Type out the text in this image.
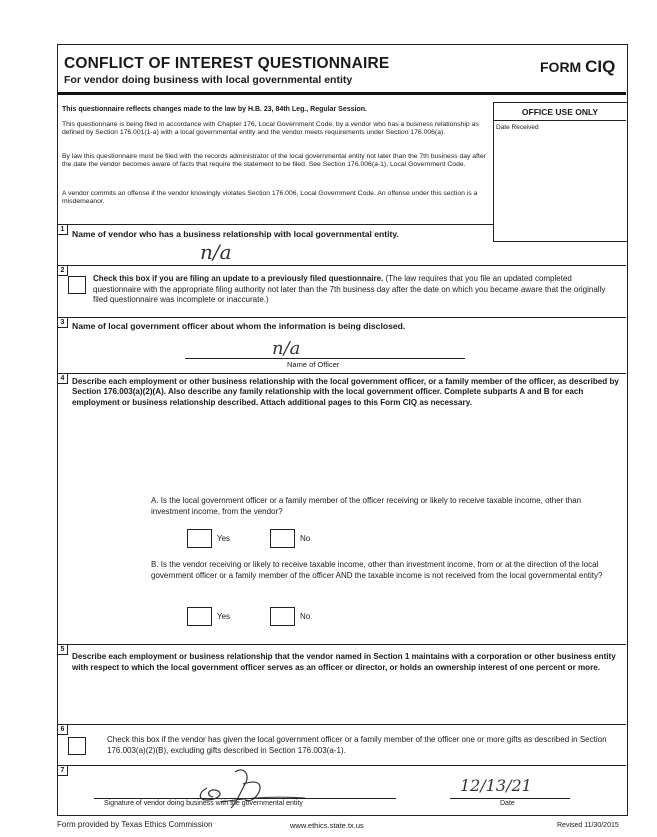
CONFLICT OF INTEREST QUESTIONNAIRE
For vendor doing business with local governmental entity
FORM CIQ
This questionnaire reflects changes made to the law by H.B. 23, 84th Leg., Regular Session.
This questionnaire is being filed in accordance with Chapter 176, Local Government Code, by a vendor who has a business relationship as defined by Section 176.001(1-a) with a local governmental entity and the vendor meets requirements under Section 176.006(a).
By law this questionnaire must be filed with the records administrator of the local governmental entity not later than the 7th business day after the date the vendor becomes aware of facts that require the statement to be filed. See Section 176.006(a-1), Local Government Code.
A vendor commits an offense if the vendor knowingly violates Section 176.006, Local Government Code. An offense under this section is a misdemeanor.
OFFICE USE ONLY
Date Received
1 Name of vendor who has a business relationship with local governmental entity.
n/a
2
Check this box if you are filing an update to a previously filed questionnaire. (The law requires that you file an updated completed questionnaire with the appropriate filing authority not later than the 7th business day after the date on which you became aware that the originally filed questionnaire was incomplete or inaccurate.)
3 Name of local government officer about whom the information is being disclosed.
n/a
Name of Officer
4 Describe each employment or other business relationship with the local government officer, or a family member of the officer, as described by Section 176.003(a)(2)(A). Also describe any family relationship with the local government officer. Complete subparts A and B for each employment or business relationship described. Attach additional pages to this Form CIQ as necessary.
A. Is the local government officer or a family member of the officer receiving or likely to receive taxable income, other than investment income, from the vendor?
Yes	No
B. Is the vendor receiving or likely to receive taxable income, other than investment income, from or at the direction of the local government officer or a family member of the officer AND the taxable income is not received from the local governmental entity?
Yes	No
5
Describe each employment or business relationship that the vendor named in Section 1 maintains with a corporation or other business entity with respect to which the local government officer serves as an officer or director, or holds an ownership interest of one percent or more.
6
Check this box if the vendor has given the local government officer or a family member of the officer one or more gifts as described in Section 176.003(a)(2)(B), excluding gifts described in Section 176.003(a-1).
7
Signature of vendor doing business with the governmental entity
12/13/21
Date
Form provided by Texas Ethics Commission	www.ethics.state.tx.us	Revised 11/30/2015
